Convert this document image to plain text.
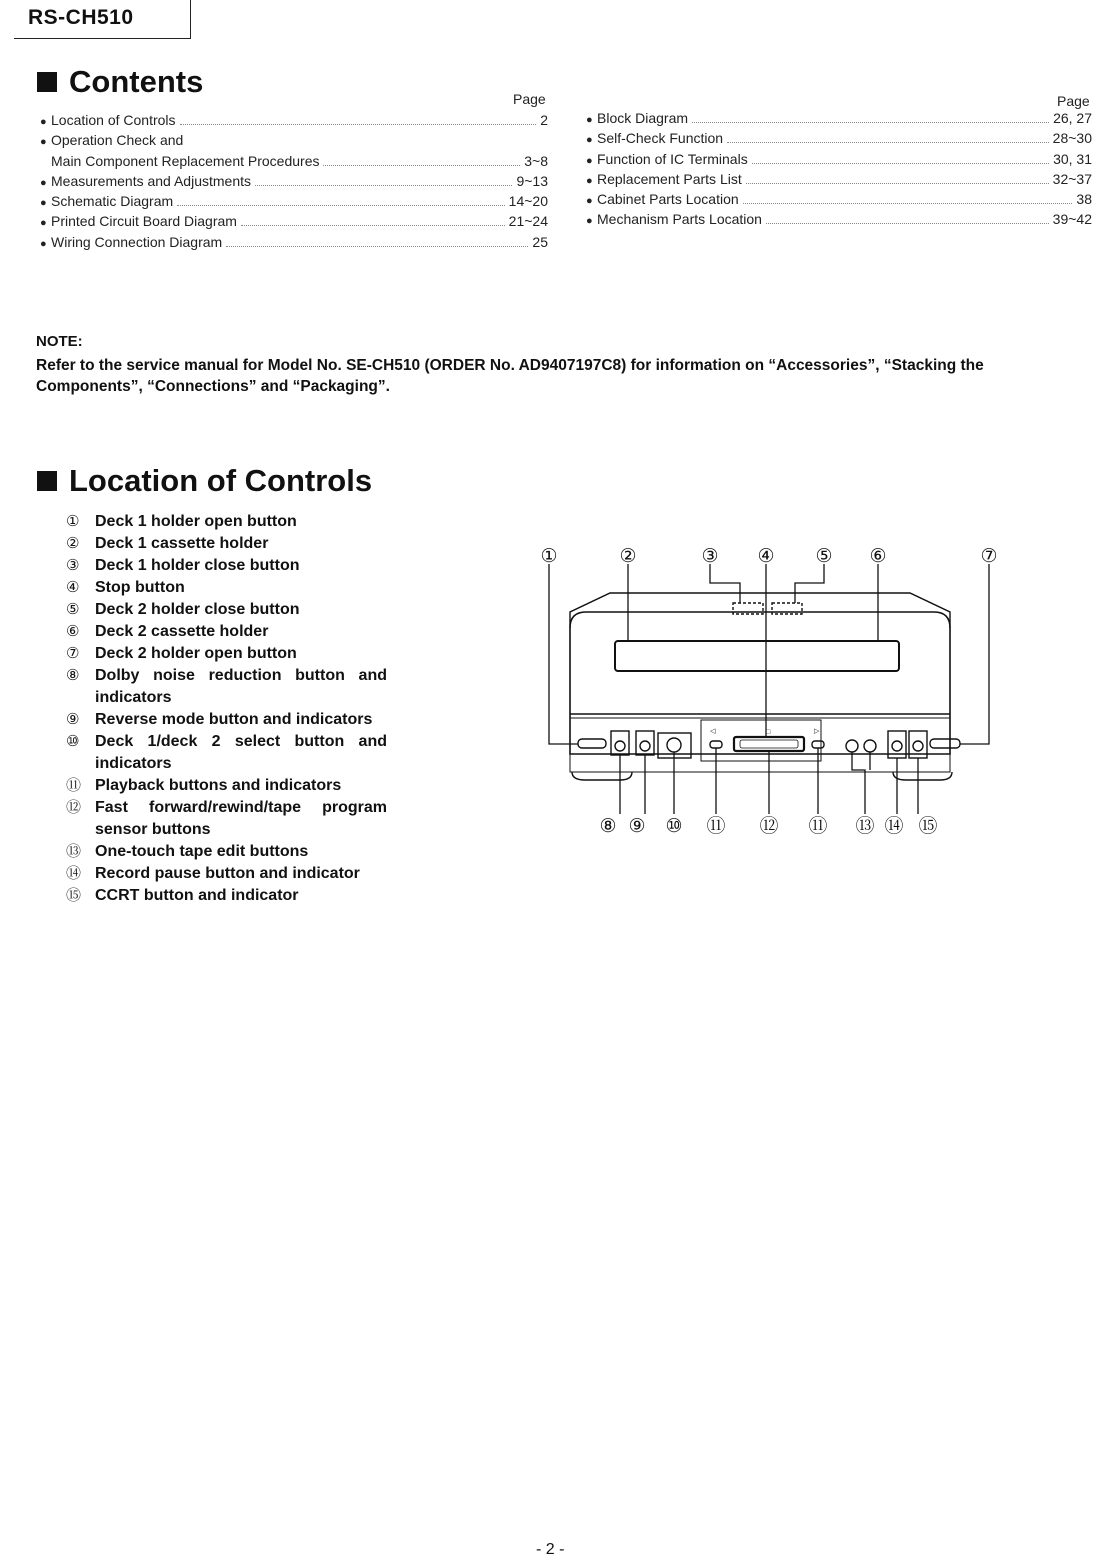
RS-CH510
Contents	Page	Page
● Location of Controls	2
● Operation Check and
Main Component Replacement Procedures	3~8
● Measurements and Adjustments	9~13
● Schematic Diagram	14~20
● Printed Circuit Board Diagram	21~24
● Wiring Connection Diagram	25
● Block Diagram	26, 27
● Self-Check Function	28~30
● Function of IC Terminals	30, 31
● Replacement Parts List	32~37
● Cabinet Parts Location	38
● Mechanism Parts Location	39~42
NOTE:
Refer to the service manual for Model No. SE-CH510 (ORDER No. AD9407197C8) for information on “Accessories”, “Stacking the Components”, “Connections” and “Packaging”.
Location of Controls
① Deck 1 holder open button
② Deck 1 cassette holder
③ Deck 1 holder close button
④ Stop button
⑤ Deck 2 holder close button
⑥ Deck 2 cassette holder
⑦ Deck 2 holder open button
⑧ Dolby noise reduction button and indicators
⑨ Reverse mode button and indicators
⑩ Deck 1/deck 2 select button and indicators
⑪ Playback buttons and indicators
⑫ Fast forward/rewind/tape program sensor buttons
⑬ One-touch tape edit buttons
⑭ Record pause button and indicator
⑮ CCRT button and indicator
◁	▷
□
①	②	③ ④ ⑤ ⑥	⑦
⑧ ⑨ ⑩ ⑪ ⑫ ⑪ ⑬ ⑭ ⑮
- 2 -
